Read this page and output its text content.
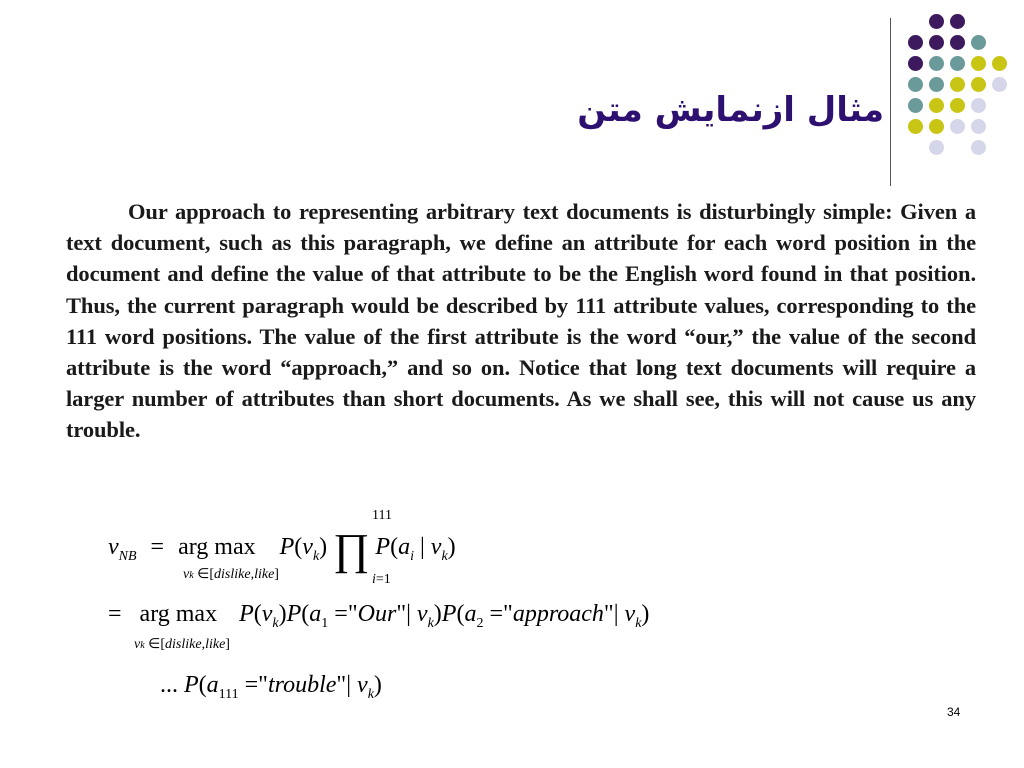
مثال ازنمایش متن
Our approach to representing arbitrary text documents is disturbingly simple: Given a text document, such as this paragraph, we define an attribute for each word position in the document and define the value of that attribute to be the English word found in that position. Thus, the current paragraph would be described by 111 attribute values, corresponding to the 111 word positions. The value of the first attribute is the word “our,” the value of the second attribute is the word “approach,” and so on. Notice that long text documents will require a larger number of attributes than short documents. As we shall see, this will not cause us any trouble.
$v_{NB}$ = arg $\max P(v_k)$ ∏ $P(a_i$ | $v_k$)
111
i=1
vk ∈[dislike,like]
= arg $\max P(v_k)P(a_1$ ="Our"| $v_k)P(a_2$ ="approach"| $v_k$)
vk ∈[dislike,like]
... $P(a_{111}$ ="trouble"| $v_k$)
34
